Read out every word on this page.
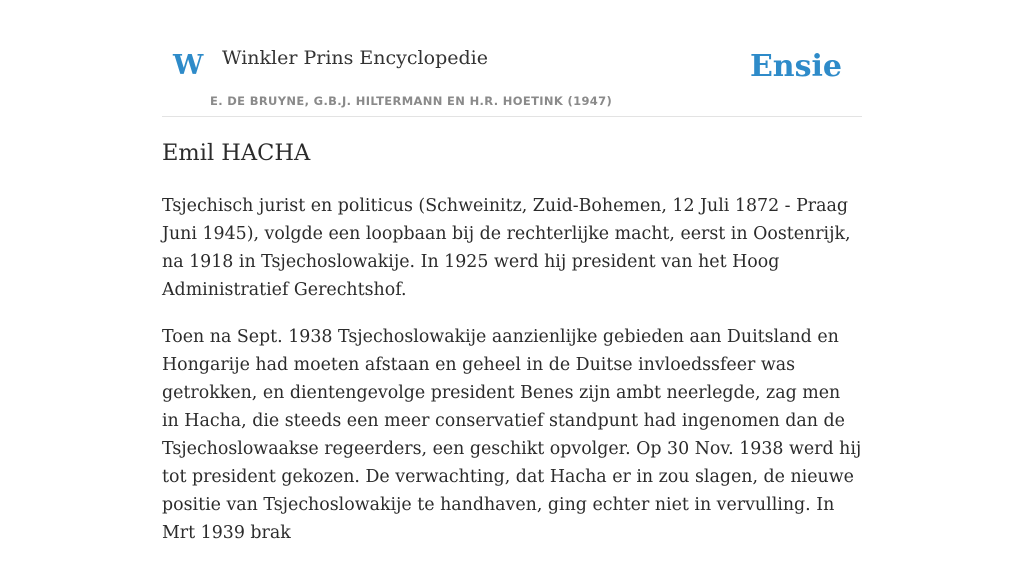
W Winkler Prins Encyclopedie
E. DE BRUYNE, G.B.J. HILTERMANN EN H.R. HOETINK (1947)
Ensie
Emil HACHA

Tsjechisch jurist en politicus (Schweinitz, Zuid-Bohemen, 12 Juli 1872 - Praag Juni 1945), volgde een loopbaan bij de rechterlijke macht, eerst in Oostenrijk, na 1918 in Tsjechoslowakije. In 1925 werd hij president van het Hoog Administratief Gerechtshof.

Toen na Sept. 1938 Tsjechoslowakije aanzienlijke gebieden aan Duitsland en Hongarije had moeten afstaan en geheel in de Duitse invloedssfeer was getrokken, en dientengevolge president Benes zijn ambt neerlegde, zag men in Hacha, die steeds een meer conservatief standpunt had ingenomen dan de Tsjechoslowaakse regeerders, een geschikt opvolger. Op 30 Nov. 1938 werd hij tot president gekozen. De verwachting, dat Hacha er in zou slagen, de nieuwe positie van Tsjechoslowakije te handhaven, ging echter niet in vervulling. In Mrt 1939 brak
